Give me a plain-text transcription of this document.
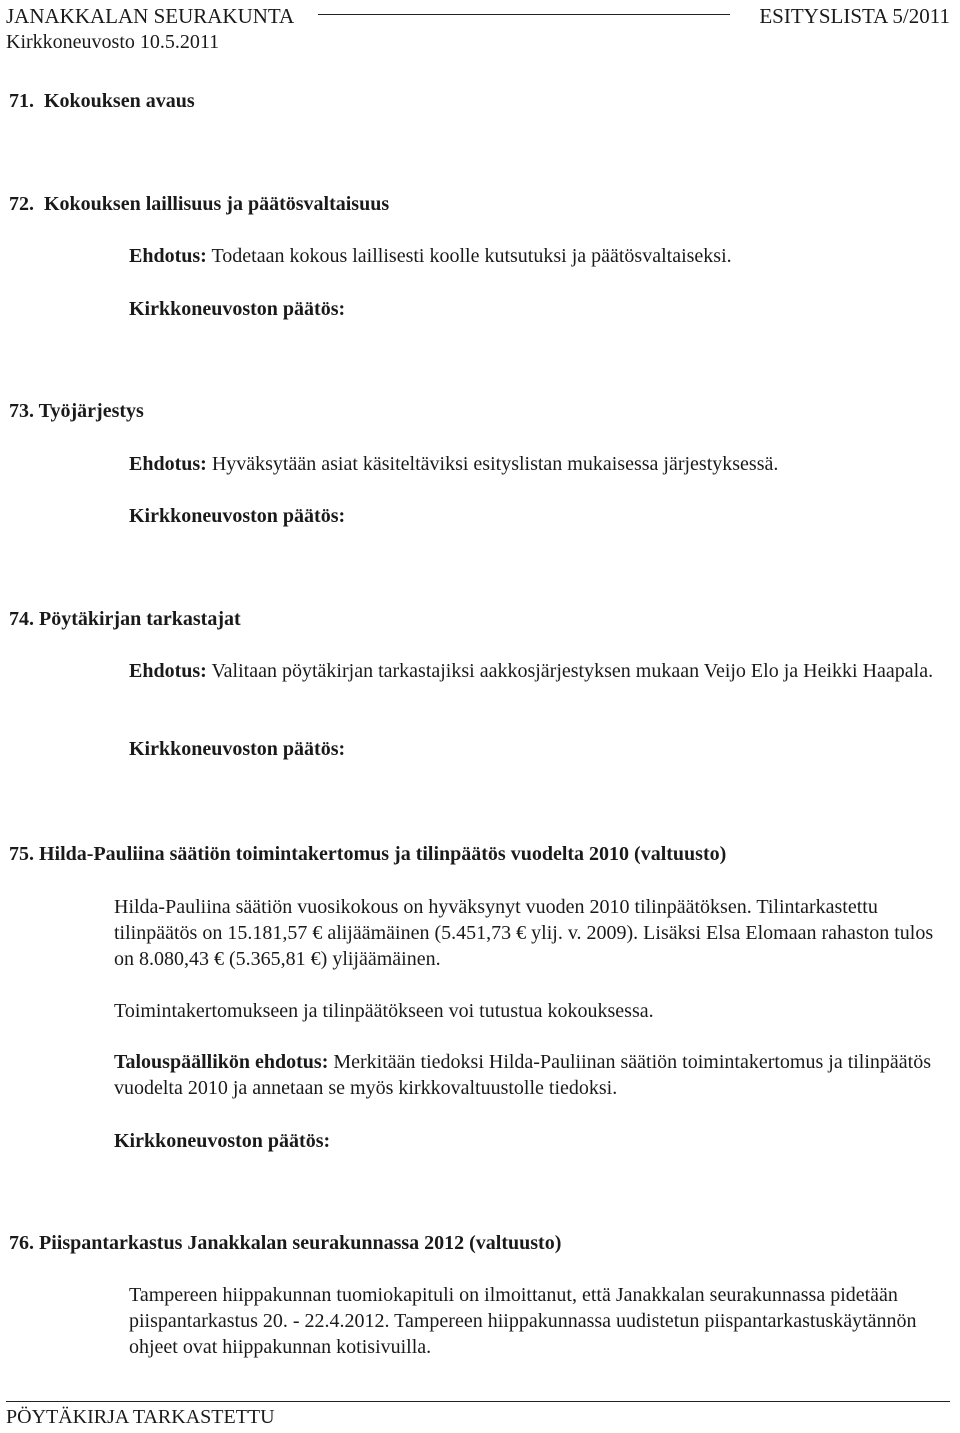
JANAKKALAN SEURAKUNTA	ESITYSLISTA 5/2011
Kirkkoneuvosto 10.5.2011
71. Kokouksen avaus
72. Kokouksen laillisuus ja päätösvaltaisuus
Ehdotus: Todetaan kokous laillisesti koolle kutsutuksi ja päätösvaltaiseksi.
Kirkkoneuvoston päätös:
73. Työjärjestys
Ehdotus: Hyväksytään asiat käsiteltäviksi esityslistan mukaisessa järjestyksessä.
Kirkkoneuvoston päätös:
74. Pöytäkirjan tarkastajat
Ehdotus: Valitaan pöytäkirjan tarkastajiksi aakkosjärjestyksen mukaan Veijo Elo ja Heikki Haapala.
Kirkkoneuvoston päätös:
75. Hilda-Pauliina säätiön toimintakertomus ja tilinpäätös vuodelta 2010 (valtuusto)
Hilda-Pauliina säätiön vuosikokous on hyväksynyt vuoden 2010 tilinpäätöksen. Tilintarkastettu tilinpäätös on 15.181,57 € alijäämäinen (5.451,73 € ylij. v. 2009). Lisäksi Elsa Elomaan rahaston tulos on 8.080,43 € (5.365,81 €) ylijäämäinen.
Toimintakertomukseen ja tilinpäätökseen voi tutustua kokouksessa.
Talouspäällikön ehdotus: Merkitään tiedoksi Hilda-Pauliinan säätiön toimintakertomus ja tilinpäätös vuodelta 2010 ja annetaan se myös kirkkovaltuustolle tiedoksi.
Kirkkoneuvoston päätös:
76. Piispantarkastus Janakkalan seurakunnassa 2012 (valtuusto)
Tampereen hiippakunnan tuomiokapituli on ilmoittanut, että Janakkalan seurakunnassa pidetään piispantarkastus 20. - 22.4.2012. Tampereen hiippakunnassa uudistetun piispantarkastuskäytännön ohjeet ovat hiippakunnan kotisivuilla.
PÖYTÄKIRJA TARKASTETTU
